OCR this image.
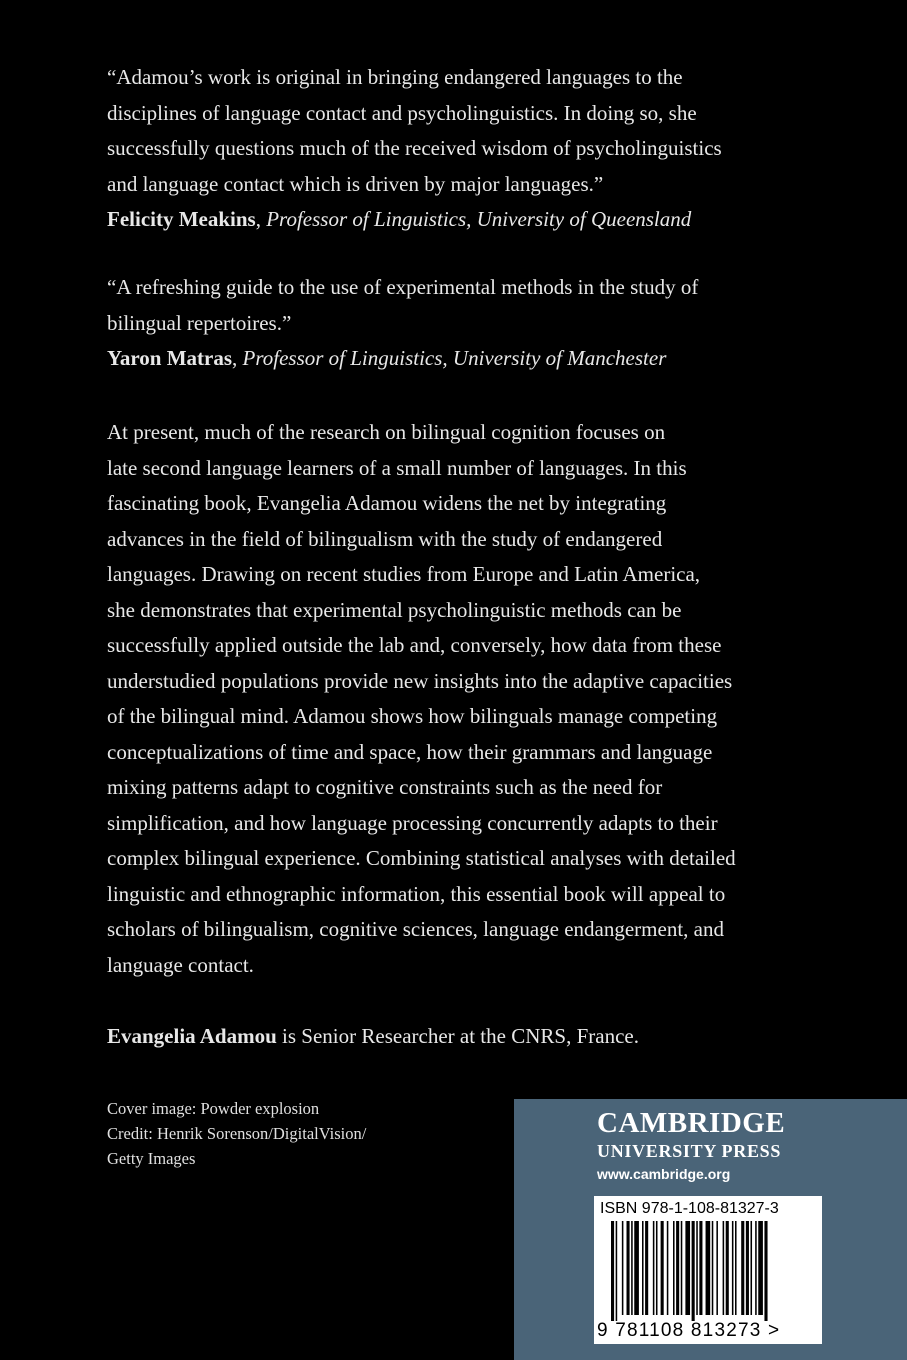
“Adamou’s work is original in bringing endangered languages to the
disciplines of language contact and psycholinguistics. In doing so, she
successfully questions much of the received wisdom of psycholinguistics
and language contact which is driven by major languages.”
Felicity Meakins, Professor of Linguistics, University of Queensland
“A refreshing guide to the use of experimental methods in the study of
bilingual repertoires.”
Yaron Matras, Professor of Linguistics, University of Manchester
At present, much of the research on bilingual cognition focuses on
late second language learners of a small number of languages. In this
fascinating book, Evangelia Adamou widens the net by integrating
advances in the field of bilingualism with the study of endangered
languages. Drawing on recent studies from Europe and Latin America,
she demonstrates that experimental psycholinguistic methods can be
successfully applied outside the lab and, conversely, how data from these
understudied populations provide new insights into the adaptive capacities
of the bilingual mind. Adamou shows how bilinguals manage competing
conceptualizations of time and space, how their grammars and language
mixing patterns adapt to cognitive constraints such as the need for
simplification, and how language processing concurrently adapts to their
complex bilingual experience. Combining statistical analyses with detailed
linguistic and ethnographic information, this essential book will appeal to
scholars of bilingualism, cognitive sciences, language endangerment, and
language contact.
Evangelia Adamou is Senior Researcher at the CNRS, France.
Cover image: Powder explosion
Credit: Henrik Sorenson/DigitalVision/
Getty Images
CAMBRIDGE
UNIVERSITY PRESS
www.cambridge.org
ISBN 978-1-108-81327-3
9 781108 813273 >
